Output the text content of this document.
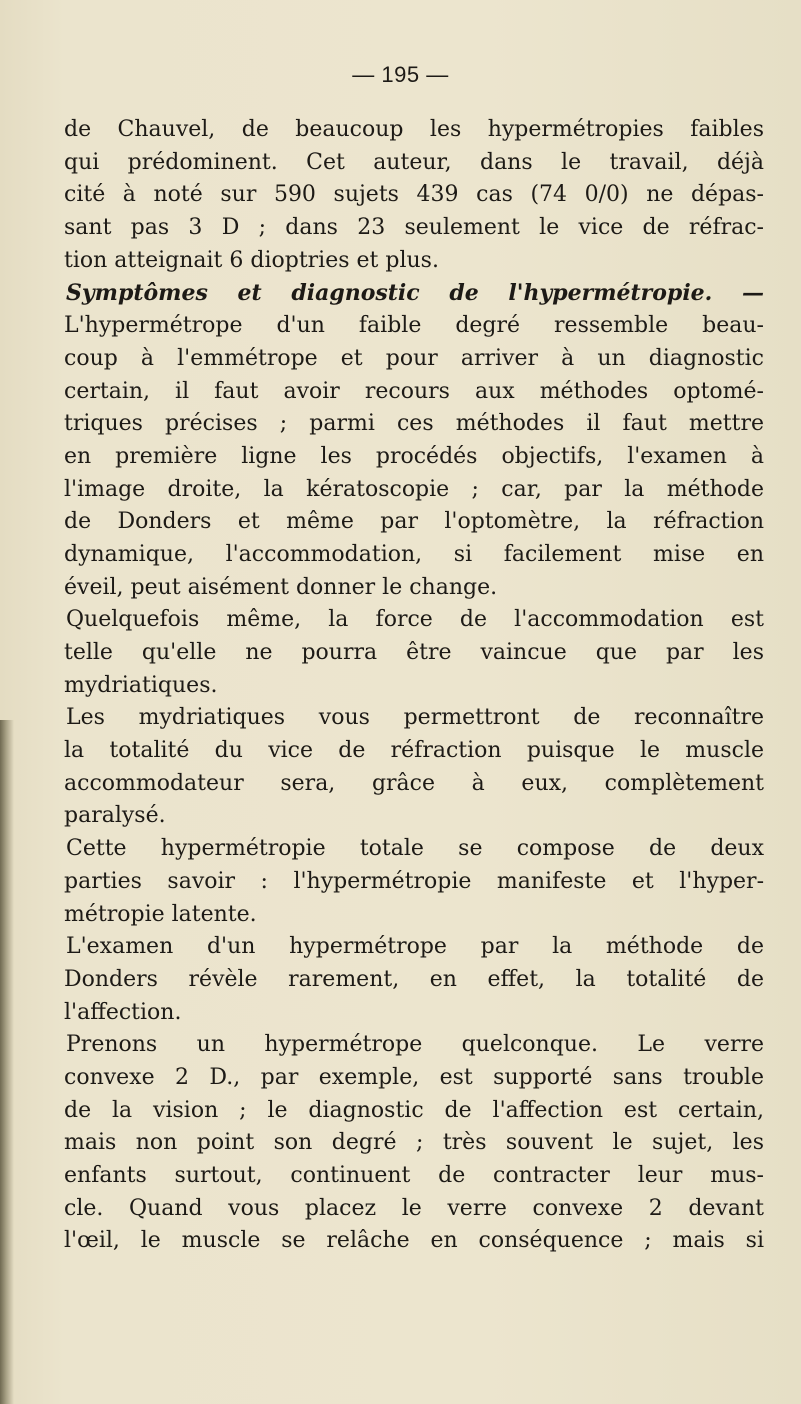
— 195 —
de Chauvel, de beaucoup les hypermétropies faibles
qui prédominent. Cet auteur, dans le travail, déjà
cité à noté sur 590 sujets 439 cas (74 0/0) ne dépas-
sant pas 3 D ; dans 23 seulement le vice de réfrac-
tion atteignait 6 dioptries et plus.
Symptômes et diagnostic de l'hypermétropie. —
L'hypermétrope d'un faible degré ressemble beau-
coup à l'emmétrope et pour arriver à un diagnostic
certain, il faut avoir recours aux méthodes optomé-
triques précises ; parmi ces méthodes il faut mettre
en première ligne les procédés objectifs, l'examen à
l'image droite, la kératoscopie ; car, par la méthode
de Donders et même par l'optomètre, la réfraction
dynamique, l'accommodation, si facilement mise en
éveil, peut aisément donner le change.
Quelquefois même, la force de l'accommodation est
telle qu'elle ne pourra être vaincue que par les
mydriatiques.
Les mydriatiques vous permettront de reconnaître
la totalité du vice de réfraction puisque le muscle
accommodateur sera, grâce à eux, complètement
paralysé.
Cette hypermétropie totale se compose de deux
parties savoir : l'hypermétropie manifeste et l'hyper-
métropie latente.
L'examen d'un hypermétrope par la méthode de
Donders révèle rarement, en effet, la totalité de
l'affection.
Prenons un hypermétrope quelconque. Le verre
convexe 2 D., par exemple, est supporté sans trouble
de la vision ; le diagnostic de l'affection est certain,
mais non point son degré ; très souvent le sujet, les
enfants surtout, continuent de contracter leur mus-
cle. Quand vous placez le verre convexe 2 devant
l'œil, le muscle se relâche en conséquence ; mais si
